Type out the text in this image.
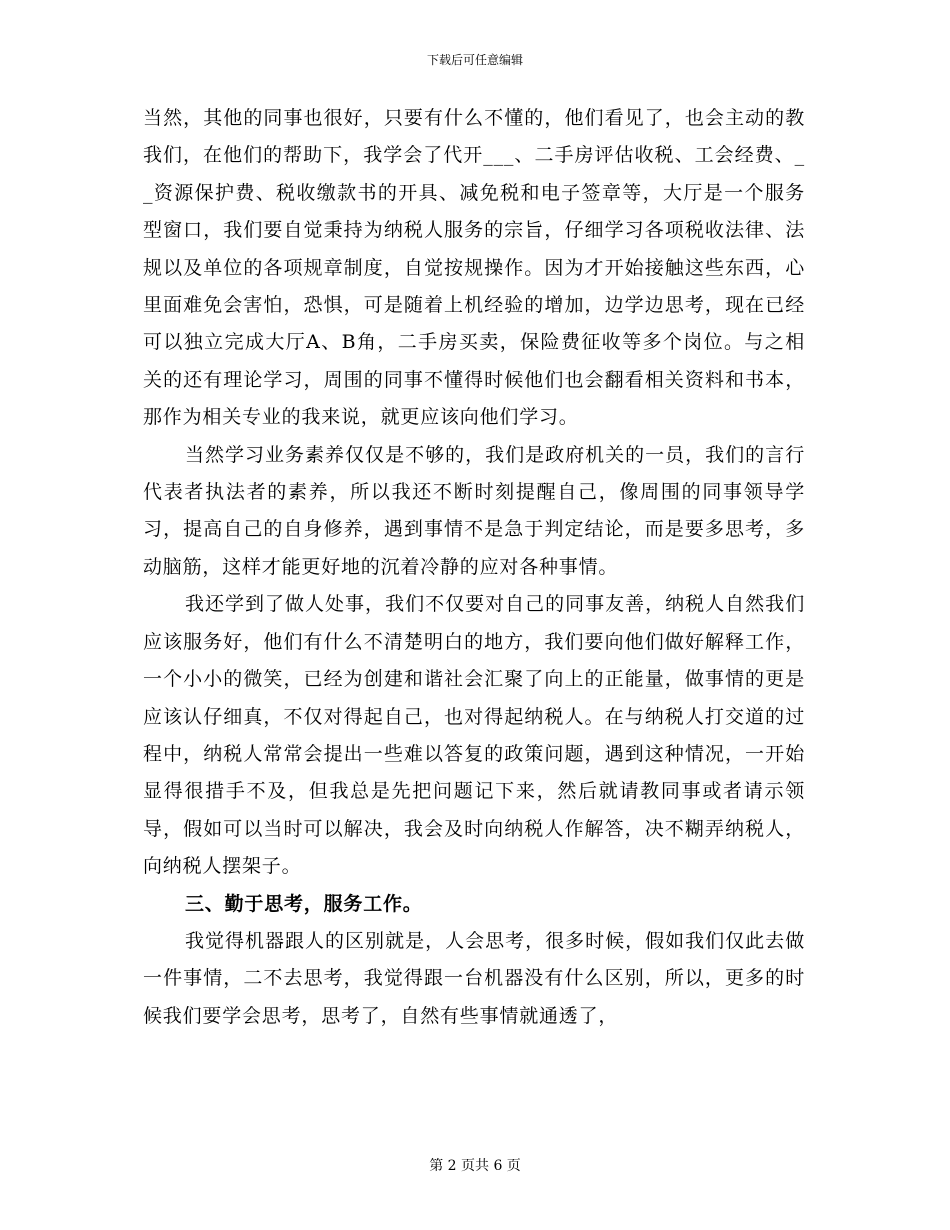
下载后可任意编辑

当然，其他的同事也很好，只要有什么不懂的，他们看见了，也会主动的教我们，在他们的帮助下，我学会了代开___、二手房评估收税、工会经费、__资源保护费、税收缴款书的开具、减免税和电子签章等，大厅是一个服务型窗口，我们要自觉秉持为纳税人服务的宗旨，仔细学习各项税收法律、法规以及单位的各项规章制度，自觉按规操作。因为才开始接触这些东西，心里面难免会害怕，恐惧，可是随着上机经验的增加，边学边思考，现在已经可以独立完成大厅A、B角，二手房买卖，保险费征收等多个岗位。与之相关的还有理论学习，周围的同事不懂得时候他们也会翻看相关资料和书本，那作为相关专业的我来说，就更应该向他们学习。

当然学习业务素养仅仅是不够的，我们是政府机关的一员，我们的言行代表者执法者的素养，所以我还不断时刻提醒自己，像周围的同事领导学习，提高自己的自身修养，遇到事情不是急于判定结论，而是要多思考，多动脑筋，这样才能更好地的沉着冷静的应对各种事情。

我还学到了做人处事，我们不仅要对自己的同事友善，纳税人自然我们应该服务好，他们有什么不清楚明白的地方，我们要向他们做好解释工作，一个小小的微笑，已经为创建和谐社会汇聚了向上的正能量，做事情的更是应该认仔细真，不仅对得起自己，也对得起纳税人。在与纳税人打交道的过程中，纳税人常常会提出一些难以答复的政策问题，遇到这种情况，一开始显得很措手不及，但我总是先把问题记下来，然后就请教同事或者请示领导，假如可以当时可以解决，我会及时向纳税人作解答，决不糊弄纳税人，向纳税人摆架子。

三、勤于思考，服务工作。

我觉得机器跟人的区别就是，人会思考，很多时候，假如我们仅此去做一件事情，二不去思考，我觉得跟一台机器没有什么区别，所以，更多的时候我们要学会思考，思考了，自然有些事情就通透了，

第 2 页共 6 页
